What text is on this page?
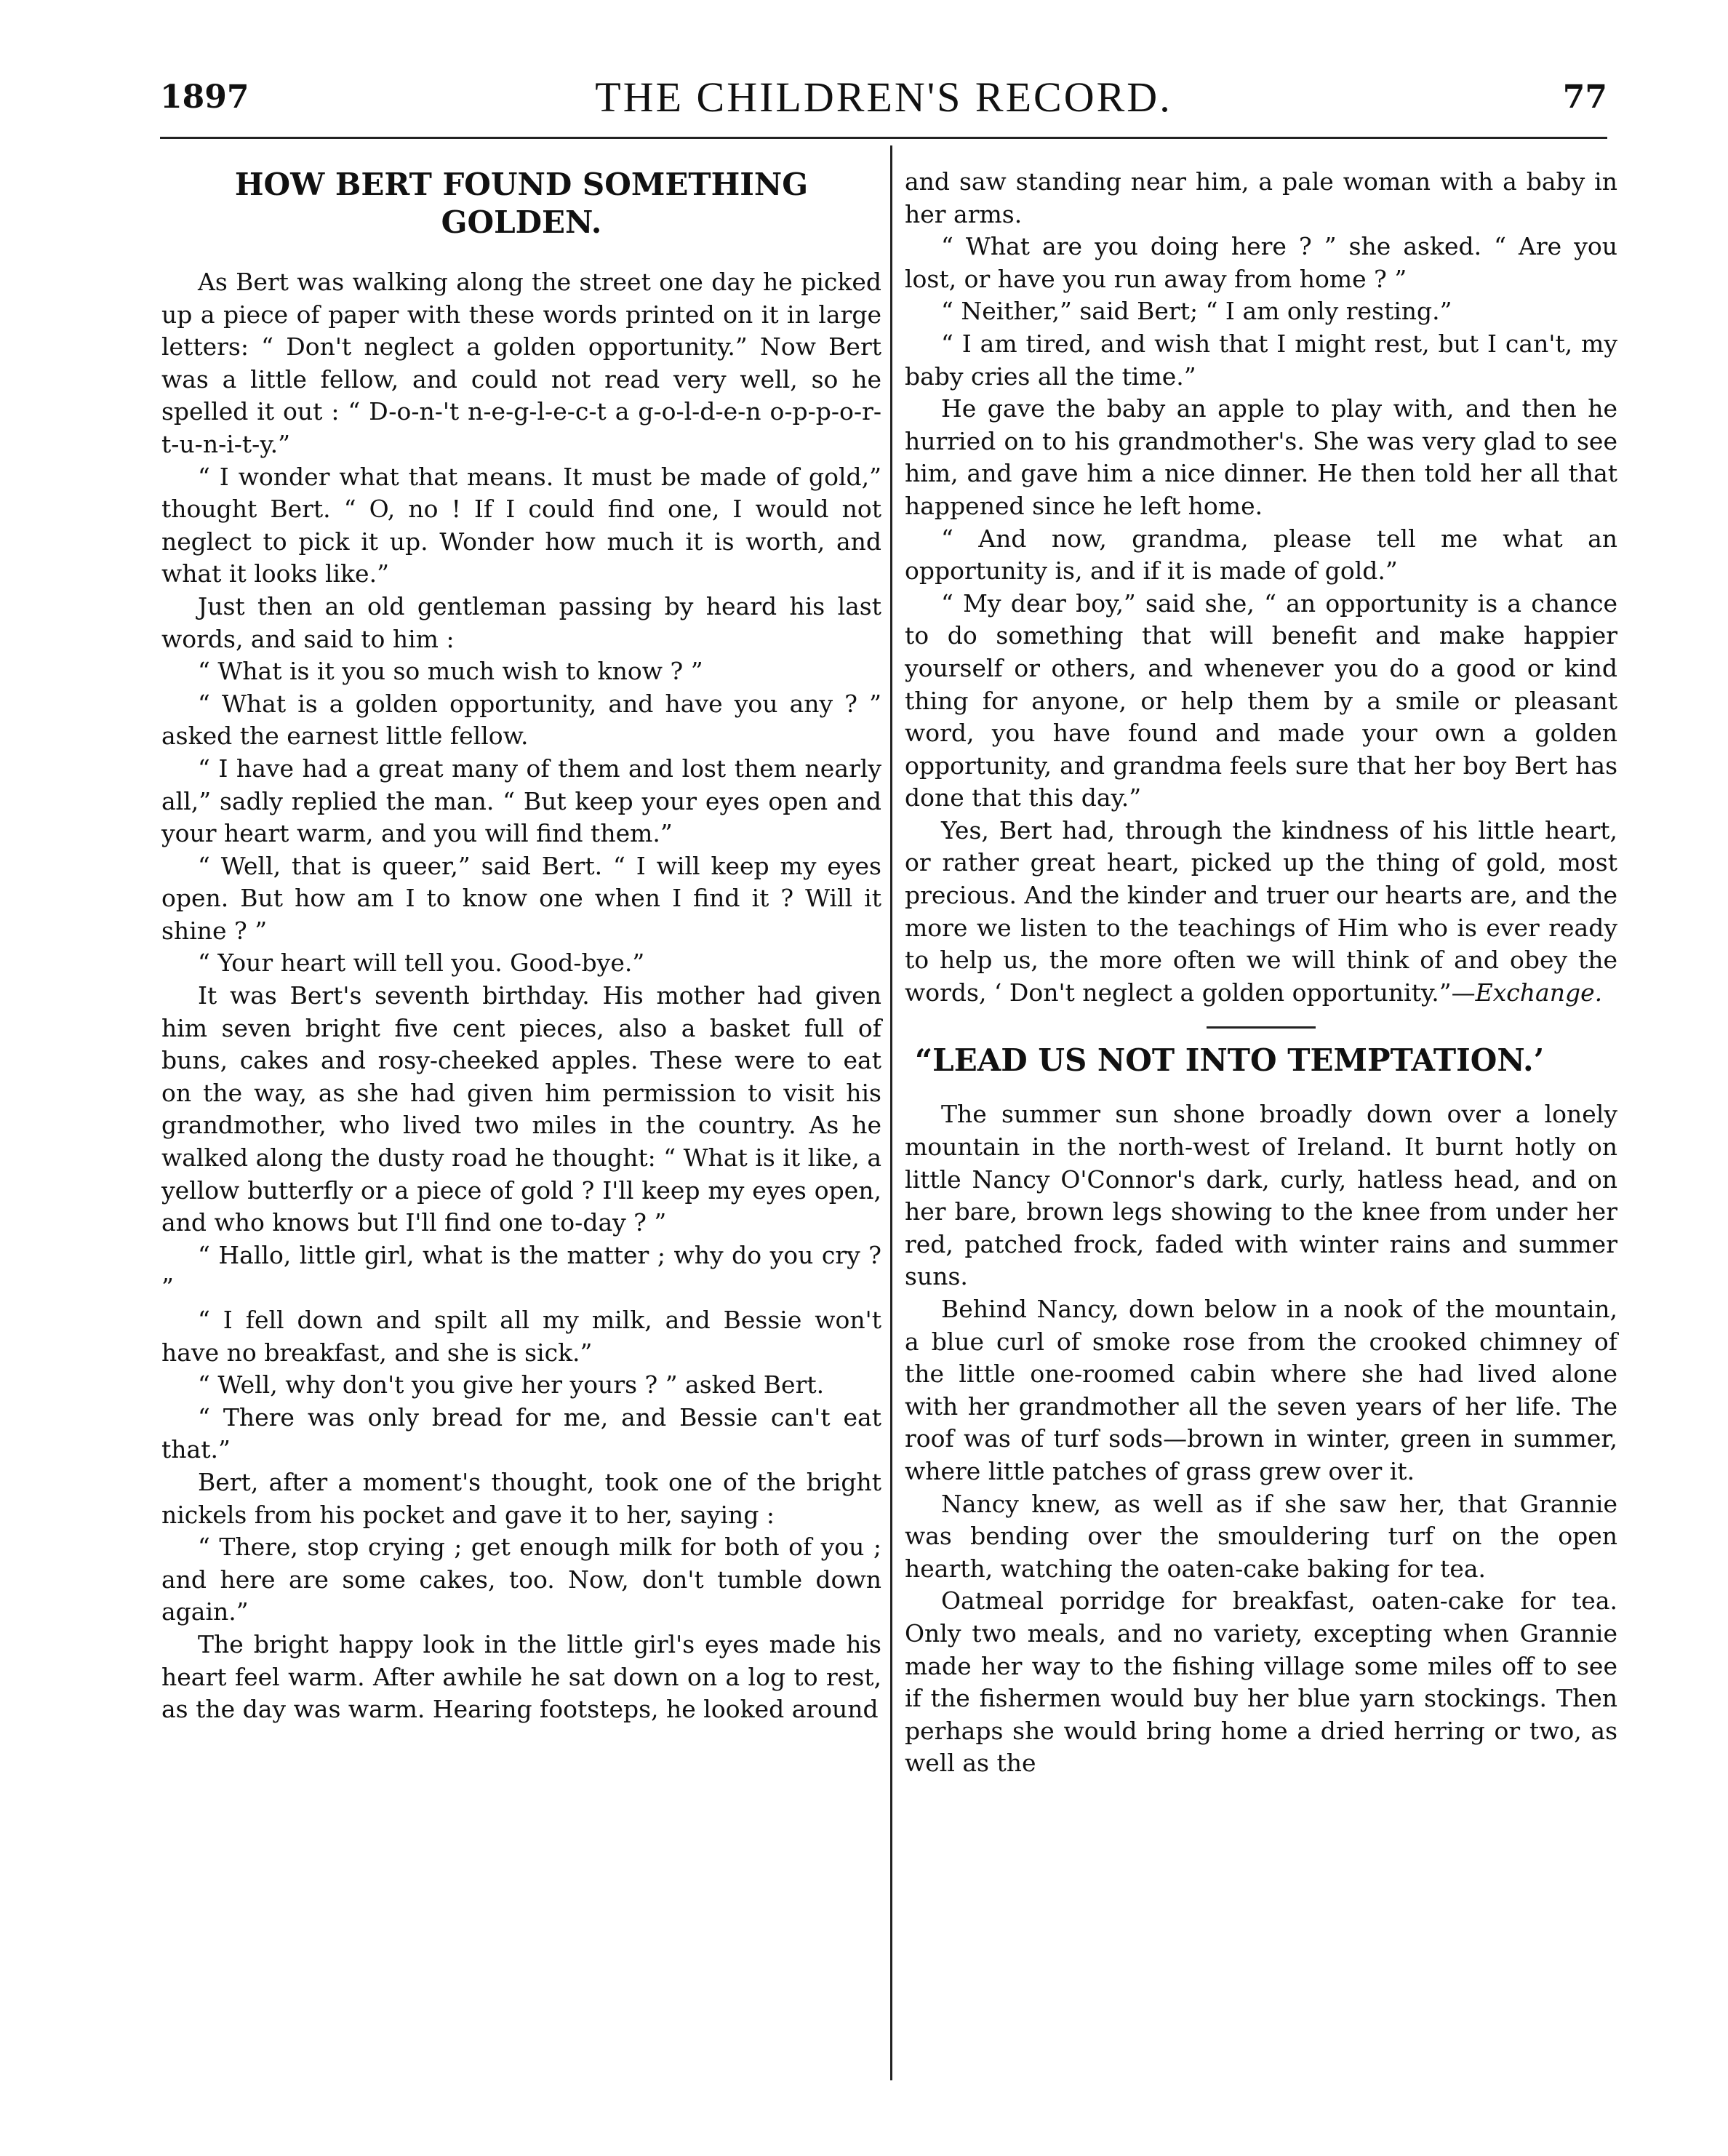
1897	THE CHILDREN'S RECORD.	77
HOW BERT FOUND SOMETHING GOLDEN.

As Bert was walking along the street one day he picked up a piece of paper with these words printed on it in large letters: “ Don't neglect a golden opportunity.” Now Bert was a little fellow, and could not read very well, so he spelled it out : “ D-o-n-'t n-e-g-l-e-c-t a g-o-l-d-e-n o-p-p-o-r-t-u-n-i-t-y.”

“ I wonder what that means. It must be made of gold,” thought Bert. “ O, no ! If I could find one, I would not neglect to pick it up. Wonder how much it is worth, and what it looks like.”

Just then an old gentleman passing by heard his last words, and said to him :

“ What is it you so much wish to know ? ”

“ What is a golden opportunity, and have you any ? ” asked the earnest little fellow.

“ I have had a great many of them and lost them nearly all,” sadly replied the man. “ But keep your eyes open and your heart warm, and you will find them.”

“ Well, that is queer,” said Bert. “ I will keep my eyes open. But how am I to know one when I find it ? Will it shine ? ”

“ Your heart will tell you. Good-bye.”

It was Bert's seventh birthday. His mother had given him seven bright five cent pieces, also a basket full of buns, cakes and rosy-cheeked apples. These were to eat on the way, as she had given him permission to visit his grandmother, who lived two miles in the country. As he walked along the dusty road he thought: “ What is it like, a yellow butterfly or a piece of gold ? I'll keep my eyes open, and who knows but I'll find one to-day ? ”

“ Hallo, little girl, what is the matter ; why do you cry ? ”

“ I fell down and spilt all my milk, and Bessie won't have no breakfast, and she is sick.”

“ Well, why don't you give her yours ? ” asked Bert.

“ There was only bread for me, and Bessie can't eat that.”

Bert, after a moment's thought, took one of the bright nickels from his pocket and gave it to her, saying :

“ There, stop crying ; get enough milk for both of you ; and here are some cakes, too. Now, don't tumble down again.”

The bright happy look in the little girl's eyes made his heart feel warm. After awhile he sat down on a log to rest, as the day was warm. Hearing footsteps, he looked around

and saw standing near him, a pale woman with a baby in her arms.

“ What are you doing here ? ” she asked. “ Are you lost, or have you run away from home ? ”

“ Neither,” said Bert; “ I am only resting.”

“ I am tired, and wish that I might rest, but I can't, my baby cries all the time.”

He gave the baby an apple to play with, and then he hurried on to his grandmother's. She was very glad to see him, and gave him a nice dinner. He then told her all that happened since he left home.

“ And now, grandma, please tell me what an opportunity is, and if it is made of gold.”

“ My dear boy,” said she, “ an opportunity is a chance to do something that will benefit and make happier yourself or others, and whenever you do a good or kind thing for anyone, or help them by a smile or pleasant word, you have found and made your own a golden opportunity, and grandma feels sure that her boy Bert has done that this day.”

Yes, Bert had, through the kindness of his little heart, or rather great heart, picked up the thing of gold, most precious. And the kinder and truer our hearts are, and the more we listen to the teachings of Him who is ever ready to help us, the more often we will think of and obey the words, ‘ Don't neglect a golden opportunity.”—Exchange.

“LEAD US NOT INTO TEMPTATION.’

The summer sun shone broadly down over a lonely mountain in the north-west of Ireland. It burnt hotly on little Nancy O'Connor's dark, curly, hatless head, and on her bare, brown legs showing to the knee from under her red, patched frock, faded with winter rains and summer suns.

Behind Nancy, down below in a nook of the mountain, a blue curl of smoke rose from the crooked chimney of the little one-roomed cabin where she had lived alone with her grandmother all the seven years of her life. The roof was of turf sods—brown in winter, green in summer, where little patches of grass grew over it.

Nancy knew, as well as if she saw her, that Grannie was bending over the smouldering turf on the open hearth, watching the oaten-cake baking for tea.

Oatmeal porridge for breakfast, oaten-cake for tea. Only two meals, and no variety, excepting when Grannie made her way to the fishing village some miles off to see if the fishermen would buy her blue yarn stockings. Then perhaps she would bring home a dried herring or two, as well as the
